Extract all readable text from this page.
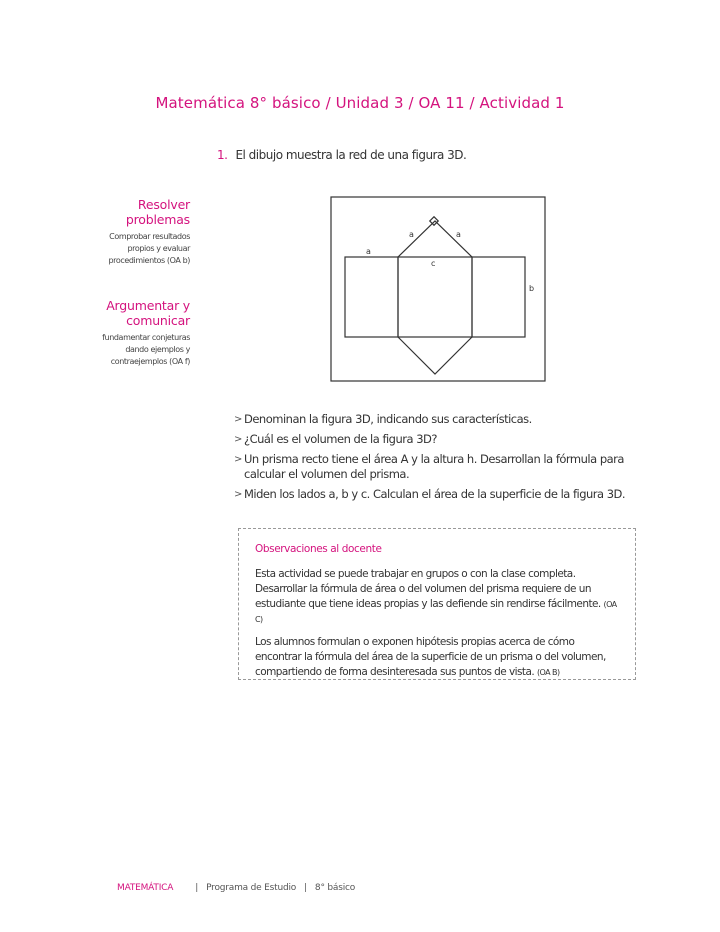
Matemática 8° básico / Unidad 3 / OA 11 / Actividad 1
1. El dibujo muestra la red de una figura 3D.
Resolver
problemas
Comprobar resultados
propios y evaluar
procedimientos (OA b)
Argumentar y
comunicar
fundamentar conjeturas
dando ejemplos y
contraejemplos (OA f)
a
a	a
c
b
> Denominan la figura 3D, indicando sus características.
> ¿Cuál es el volumen de la figura 3D?
> Un prisma recto tiene el área A y la altura h. Desarrollan la fórmula para calcular el volumen del prisma.
> Miden los lados a, b y c. Calculan el área de la superficie de la figura 3D.
Observaciones al docente

Esta actividad se puede trabajar en grupos o con la clase completa. Desarrollar la fórmula de área o del volumen del prisma requiere de un estudiante que tiene ideas propias y las defiende sin rendirse fácilmente. (OA C)

Los alumnos formulan o exponen hipótesis propias acerca de cómo encontrar la fórmula del área de la superficie de un prisma o del volumen, compartiendo de forma desinteresada sus puntos de vista. (OA B)

MATEMÁTICA | Programa de Estudio | 8° básico
